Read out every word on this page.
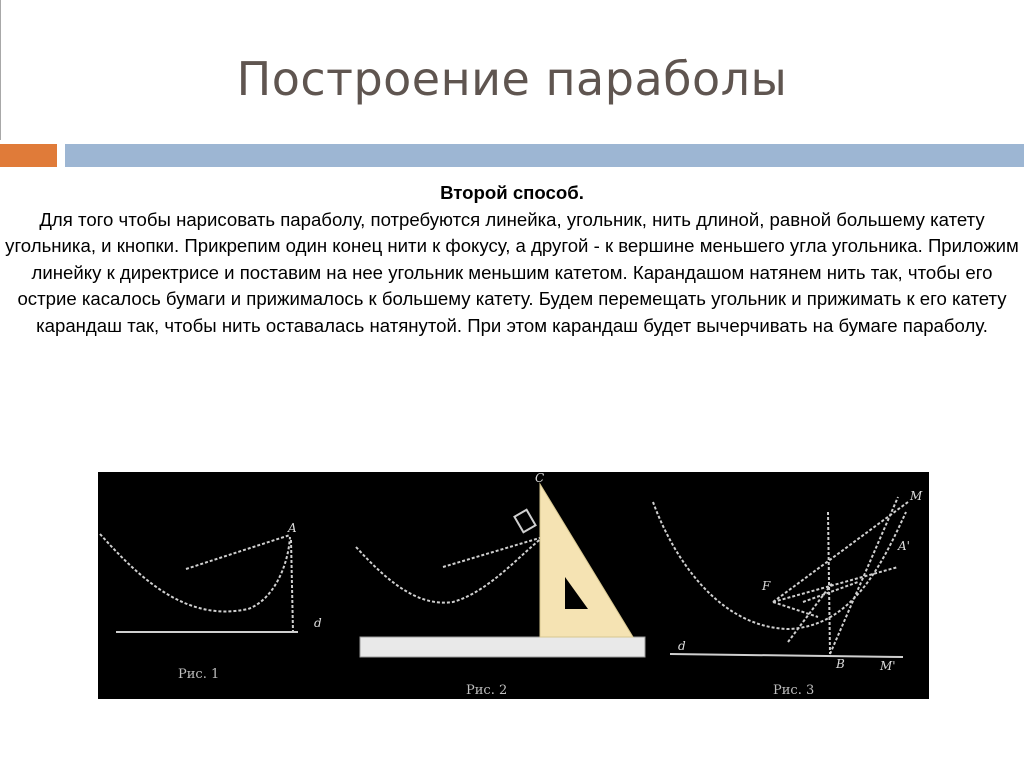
Построение параболы
Второй способ.
Для того чтобы нарисовать параболу, потребуются линейка, угольник, нить длиной, равной большему катету угольника, и кнопки. Прикрепим один конец нити к фокусу, а другой - к вершине меньшего угла угольника. Приложим линейку к директрисе и поставим на нее угольник меньшим катетом. Карандашом натянем нить так, чтобы его острие касалось бумаги и прижималось к большему катету. Будем перемещать угольник и прижимать к его катету карандаш так, чтобы нить оставалась натянутой. При этом карандаш будет вычерчивать на бумаге параболу.
A
d
d
F
M
A'
B	M'
C
Рис. 1
Рис. 2	Рис. 3
